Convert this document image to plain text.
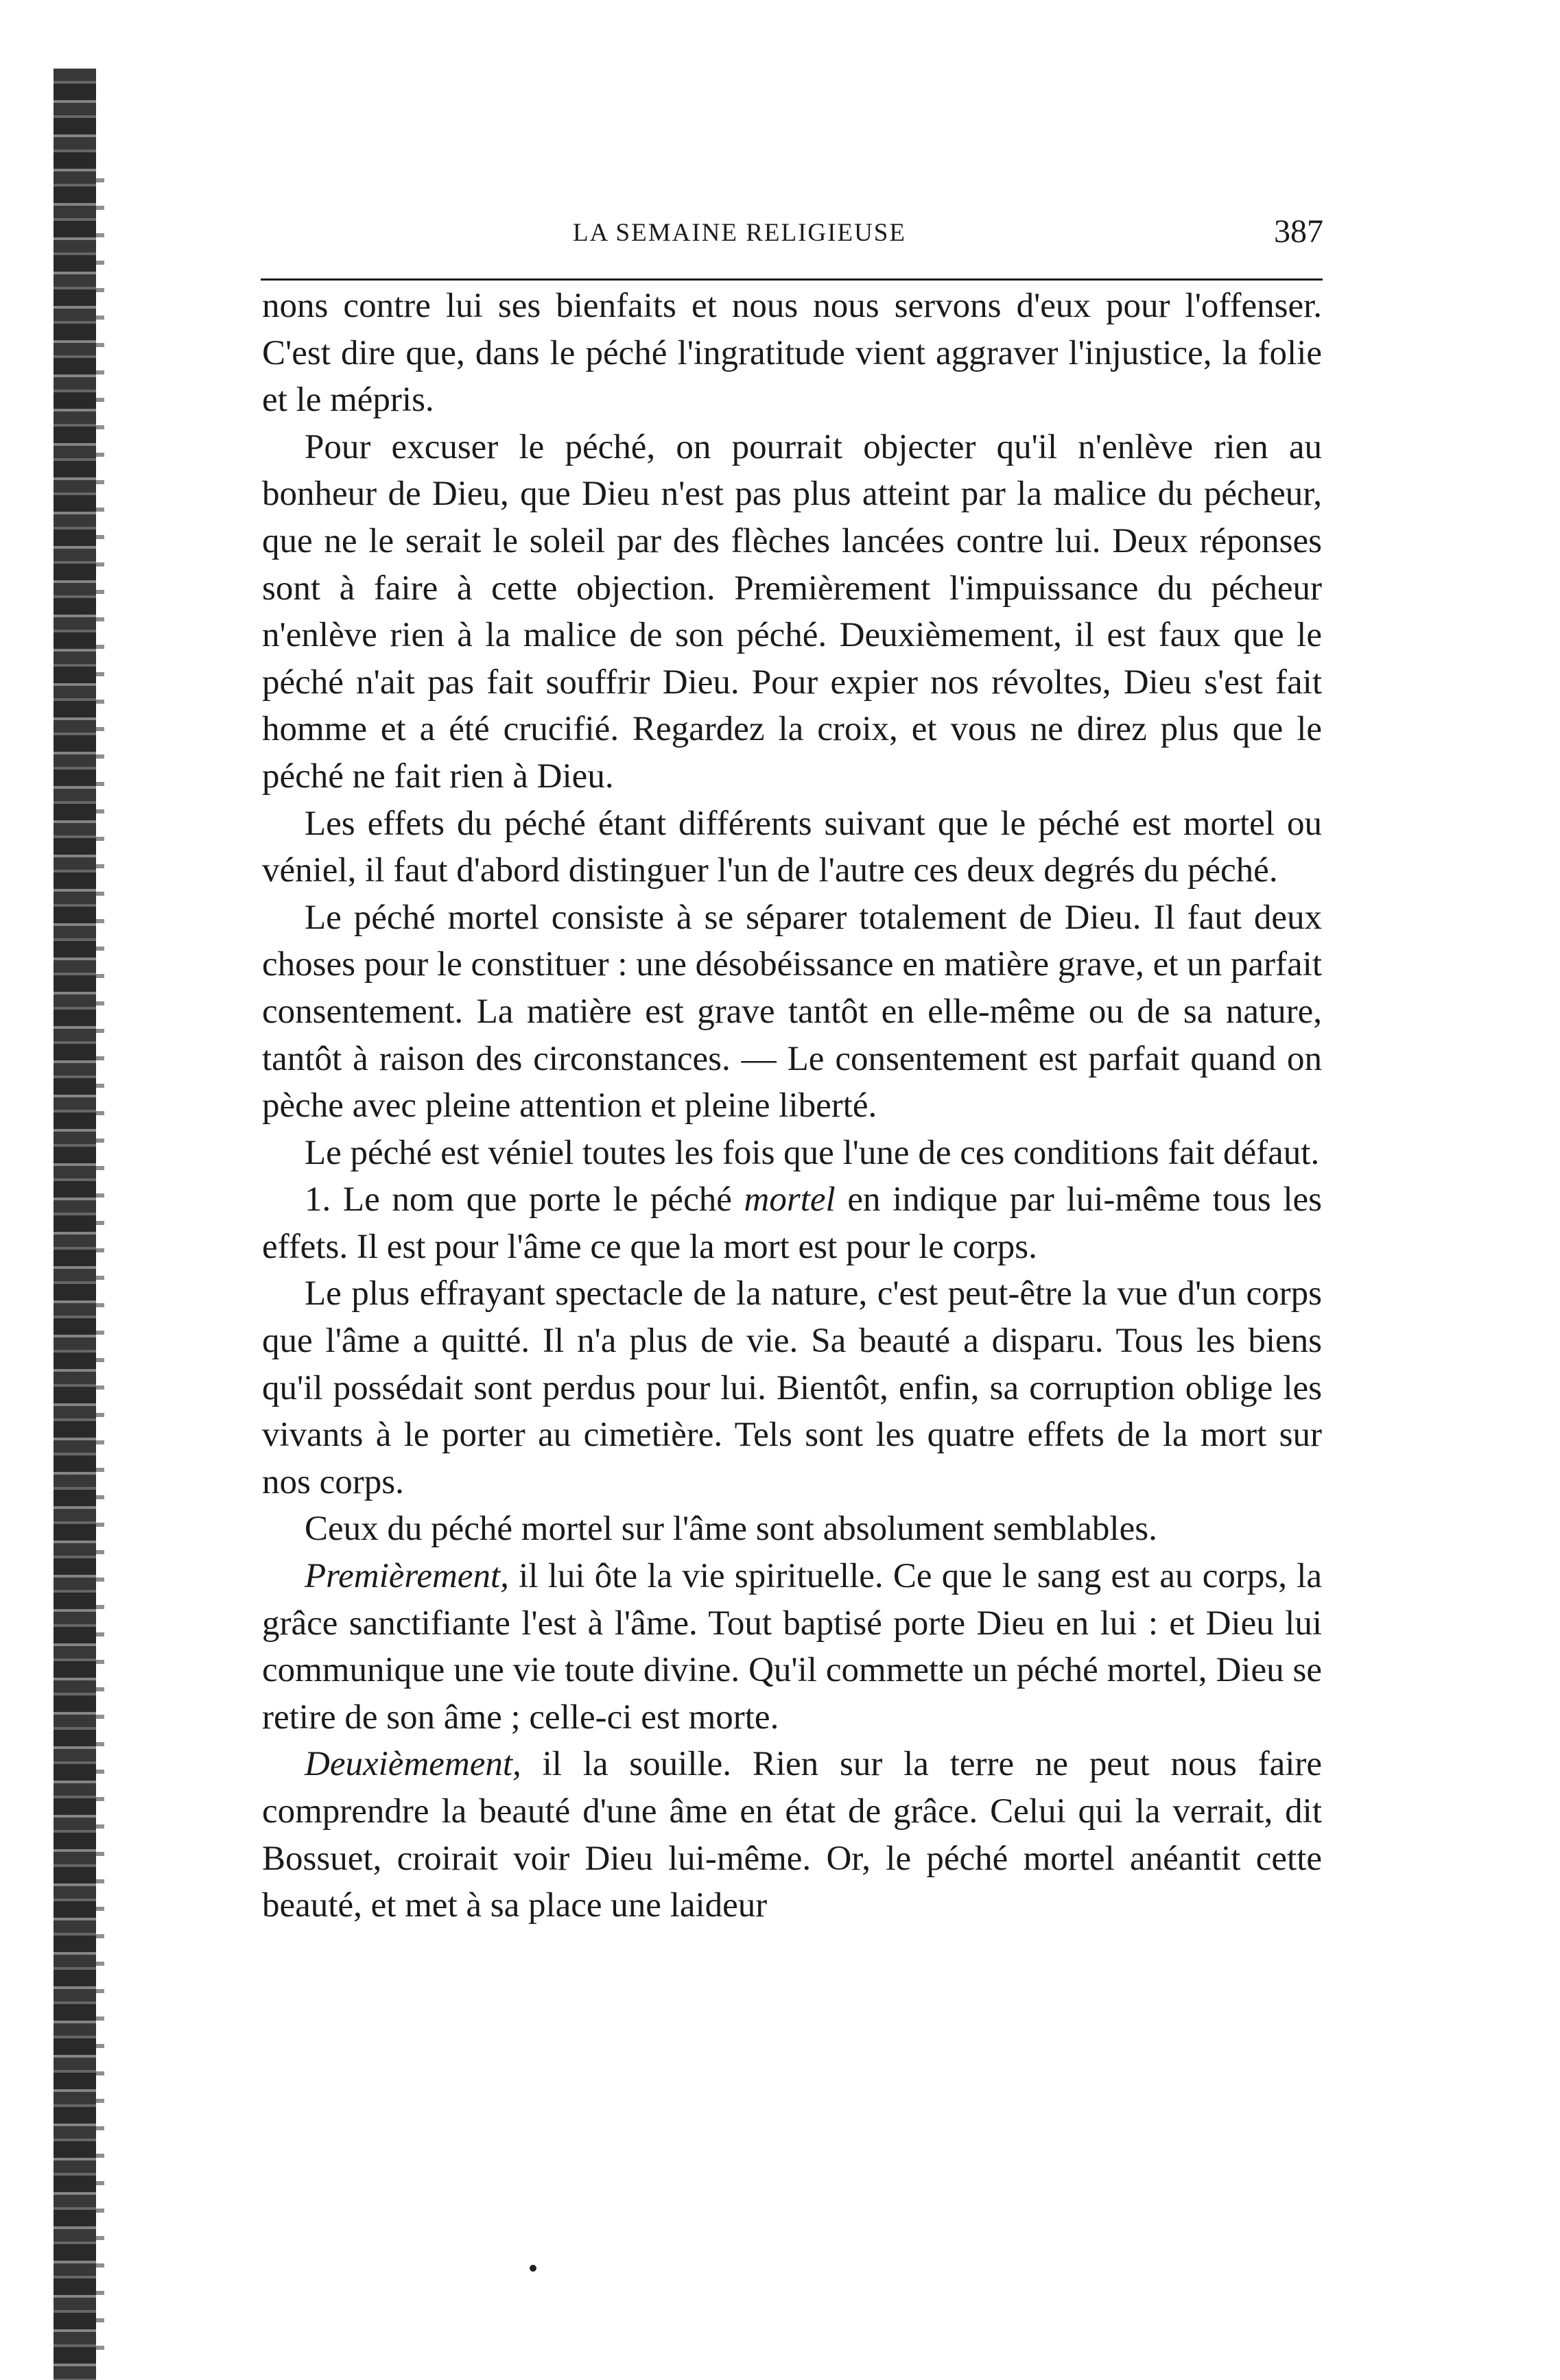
LA SEMAINE RELIGIEUSE	387

nons contre lui ses bienfaits et nous nous servons d'eux pour l'offenser. C'est dire que, dans le péché l'ingratitude vient aggraver l'injustice, la folie et le mépris.

Pour excuser le péché, on pourrait objecter qu'il n'enlève rien au bonheur de Dieu, que Dieu n'est pas plus atteint par la malice du pécheur, que ne le serait le soleil par des flèches lancées contre lui. Deux réponses sont à faire à cette objection. Premièrement l'impuissance du pécheur n'enlève rien à la malice de son péché. Deuxièmement, il est faux que le péché n'ait pas fait souffrir Dieu. Pour expier nos révoltes, Dieu s'est fait homme et a été crucifié. Regardez la croix, et vous ne direz plus que le péché ne fait rien à Dieu.

Les effets du péché étant différents suivant que le péché est mortel ou véniel, il faut d'abord distinguer l'un de l'autre ces deux degrés du péché.

Le péché mortel consiste à se séparer totalement de Dieu. Il faut deux choses pour le constituer : une désobéissance en matière grave, et un parfait consentement. La matière est grave tantôt en elle-même ou de sa nature, tantôt à raison des circonstances. — Le consentement est parfait quand on pèche avec pleine attention et pleine liberté.

Le péché est véniel toutes les fois que l'une de ces conditions fait défaut.

1. Le nom que porte le péché mortel en indique par lui-même tous les effets. Il est pour l'âme ce que la mort est pour le corps.

Le plus effrayant spectacle de la nature, c'est peut-être la vue d'un corps que l'âme a quitté. Il n'a plus de vie. Sa beauté a disparu. Tous les biens qu'il possédait sont perdus pour lui. Bientôt, enfin, sa corruption oblige les vivants à le porter au cimetière. Tels sont les quatre effets de la mort sur nos corps.

Ceux du péché mortel sur l'âme sont absolument semblables.

Premièrement, il lui ôte la vie spirituelle. Ce que le sang est au corps, la grâce sanctifiante l'est à l'âme. Tout baptisé porte Dieu en lui : et Dieu lui communique une vie toute divine. Qu'il commette un péché mortel, Dieu se retire de son âme ; celle-ci est morte.

Deuxièmement, il la souille. Rien sur la terre ne peut nous faire comprendre la beauté d'une âme en état de grâce. Celui qui la verrait, dit Bossuet, croirait voir Dieu lui-même. Or, le péché mortel anéantit cette beauté, et met à sa place une laideur
